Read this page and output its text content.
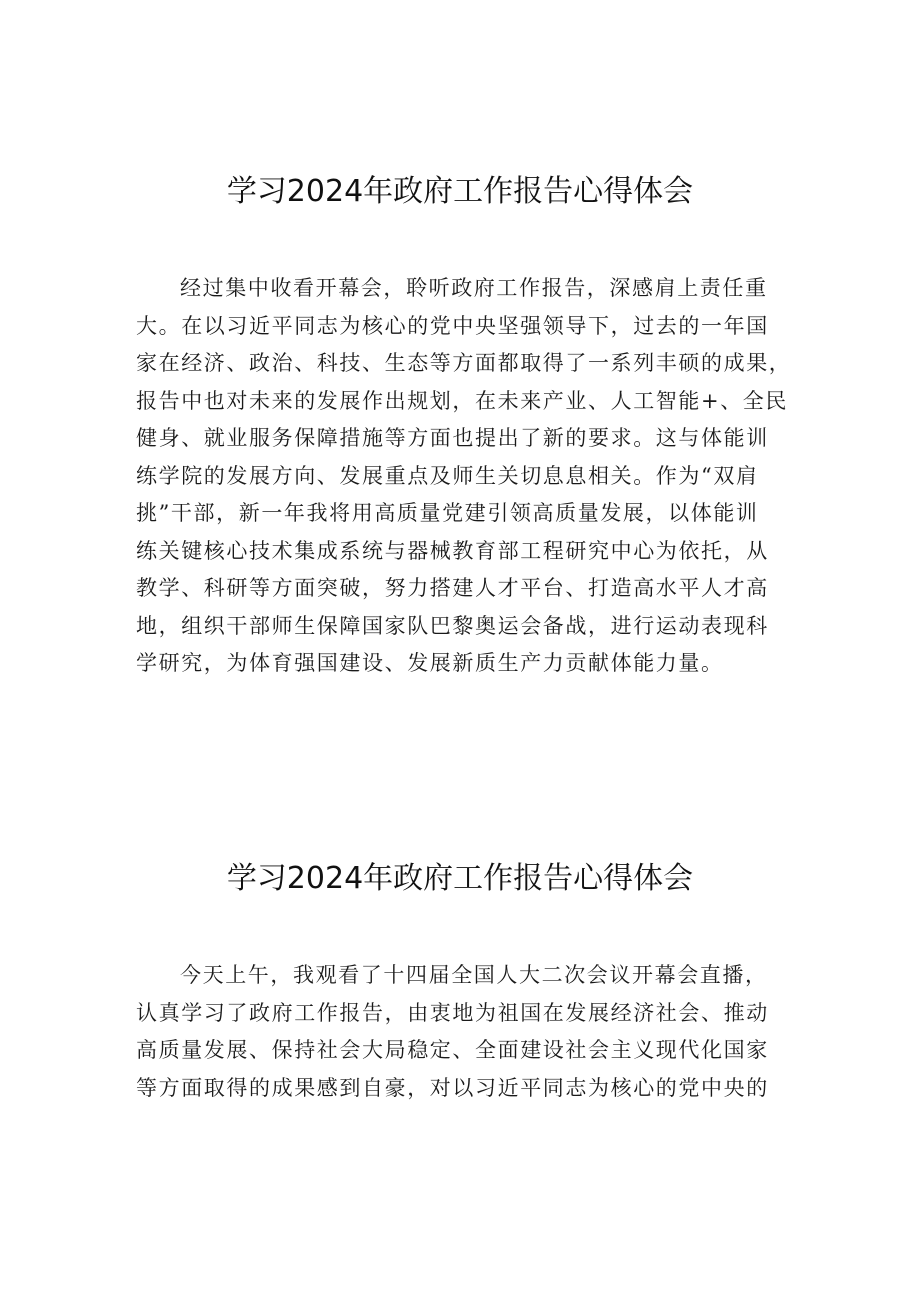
学习2024年政府工作报告心得体会
经过集中收看开幕会，聆听政府工作报告，深感肩上责任重
大。在以习近平同志为核心的党中央坚强领导下，过去的一年国
家在经济、政治、科技、生态等方面都取得了一系列丰硕的成果，
报告中也对未来的发展作出规划，在未来产业、人工智能+、全民
健身、就业服务保障措施等方面也提出了新的要求。这与体能训
练学院的发展方向、发展重点及师生关切息息相关。作为“双肩
挑”干部，新一年我将用高质量党建引领高质量发展，以体能训
练关键核心技术集成系统与器械教育部工程研究中心为依托，从
教学、科研等方面突破，努力搭建人才平台、打造高水平人才高
地，组织干部师生保障国家队巴黎奥运会备战，进行运动表现科
学研究，为体育强国建设、发展新质生产力贡献体能力量。
学习2024年政府工作报告心得体会
今天上午，我观看了十四届全国人大二次会议开幕会直播，
认真学习了政府工作报告，由衷地为祖国在发展经济社会、推动
高质量发展、保持社会大局稳定、全面建设社会主义现代化国家
等方面取得的成果感到自豪，对以习近平同志为核心的党中央的
